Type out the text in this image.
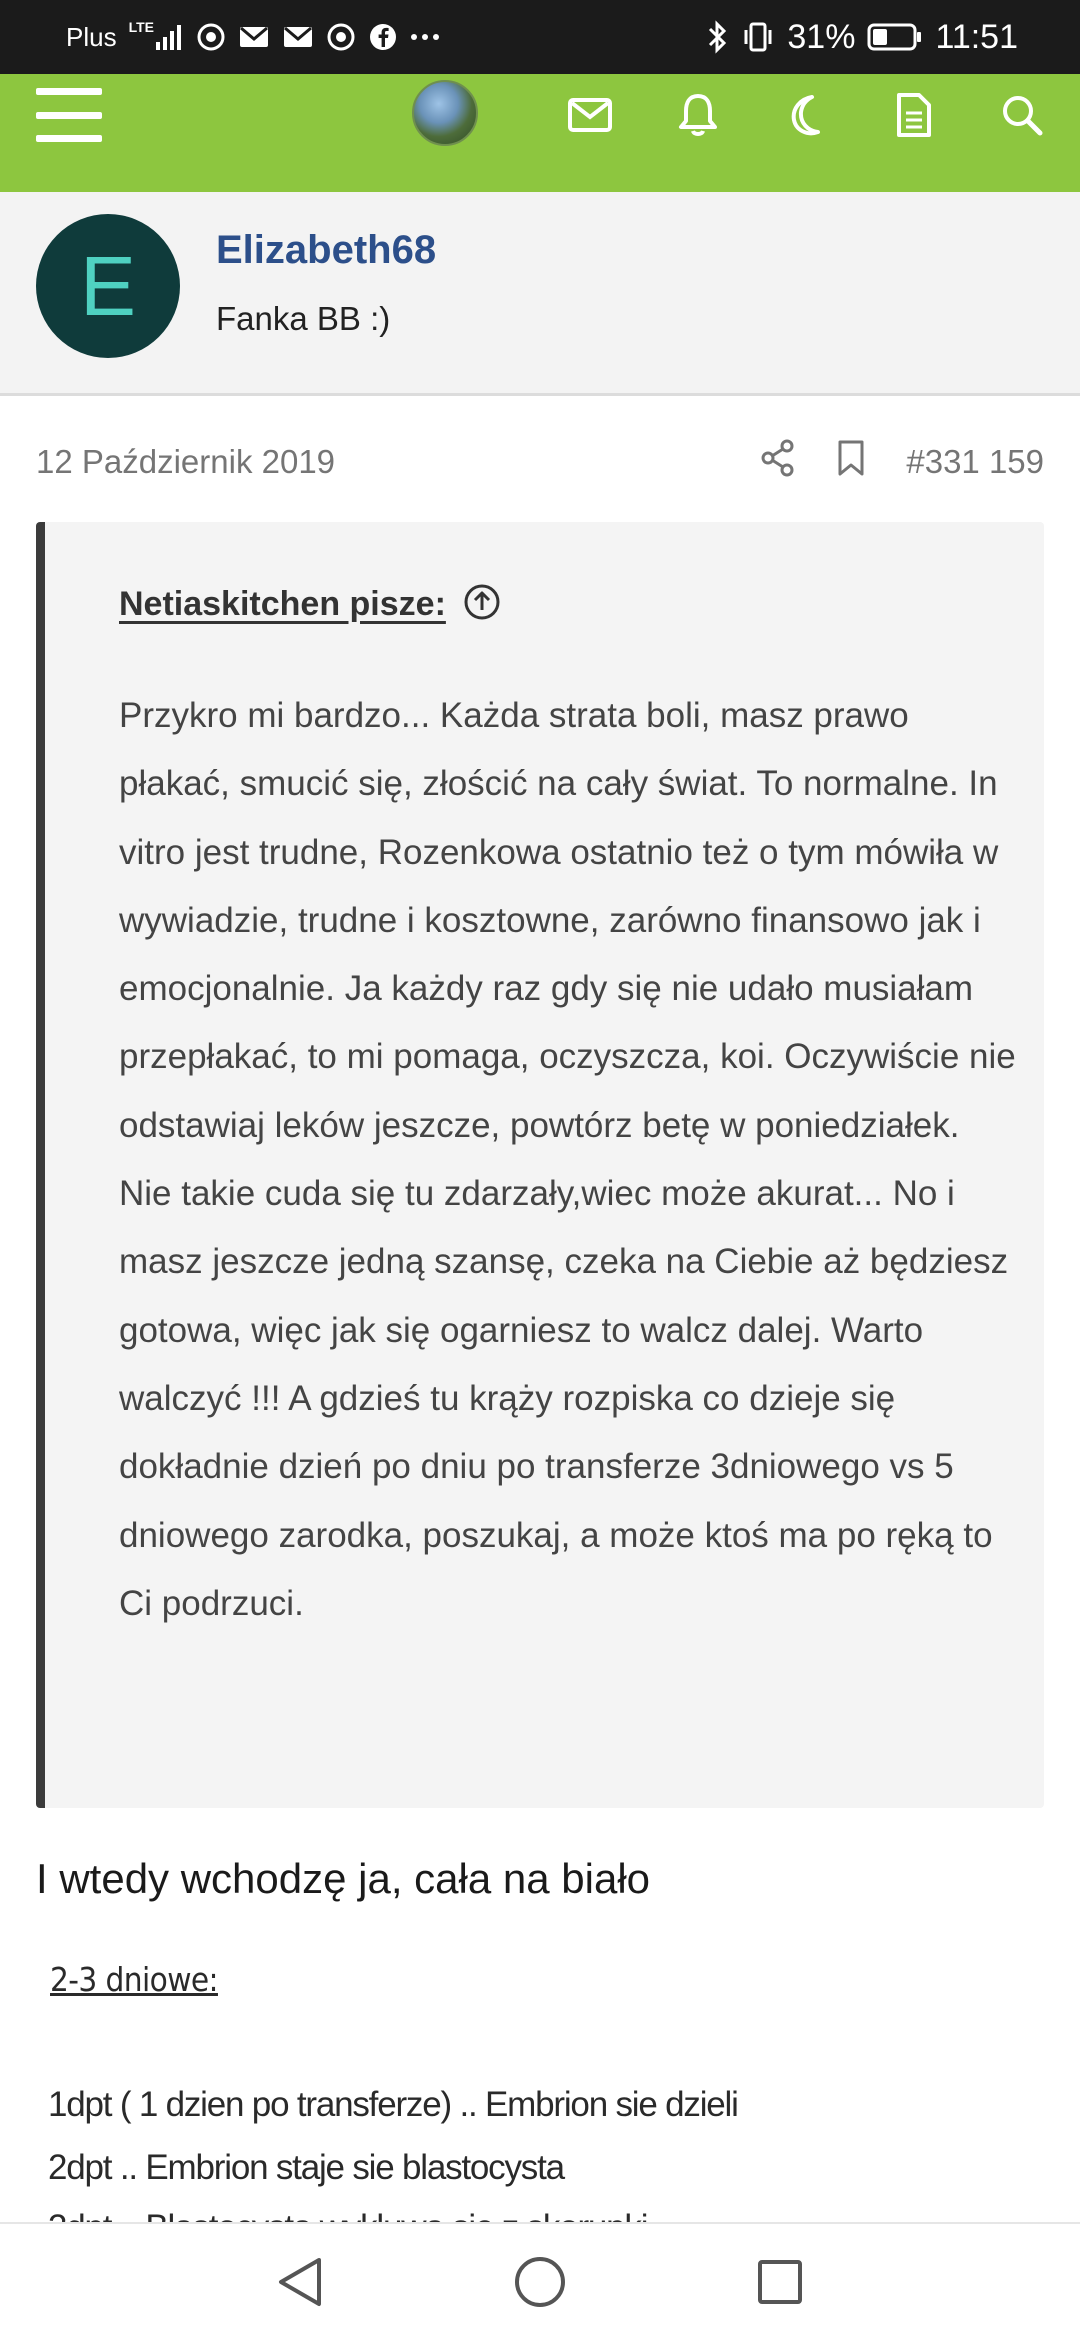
Plus LTE	31% 11:51
E	Elizabeth68
Fanka BB :)
12 Październik 2019	#331 159
Netiaskitchen pisze:
Przykro mi bardzo... Każda strata boli, masz prawo płakać, smucić się, złościć na cały świat. To normalne. In vitro jest trudne, Rozenkowa ostatnio też o tym mówiła w wywiadzie, trudne i kosztowne, zarówno finansowo jak i emocjonalnie. Ja każdy raz gdy się nie udało musiałam przepłakać, to mi pomaga, oczyszcza, koi. Oczywiście nie odstawiaj leków jeszcze, powtórz betę w poniedziałek. Nie takie cuda się tu zdarzały,wiec może akurat... No i masz jeszcze jedną szansę, czeka na Ciebie aż będziesz gotowa, więc jak się ogarniesz to walcz dalej. Warto walczyć !!! A gdzieś tu krąży rozpiska co dzieje się dokładnie dzień po dniu po transferze 3dniowego vs 5 dniowego zarodka, poszukaj, a może ktoś ma po ręką to Ci podrzuci.
I wtedy wchodzę ja, cała na biało
2-3 dniowe:
1dpt ( 1 dzien po transferze) .. Embrion sie dzieli
2dpt .. Embrion staje sie blastocysta
